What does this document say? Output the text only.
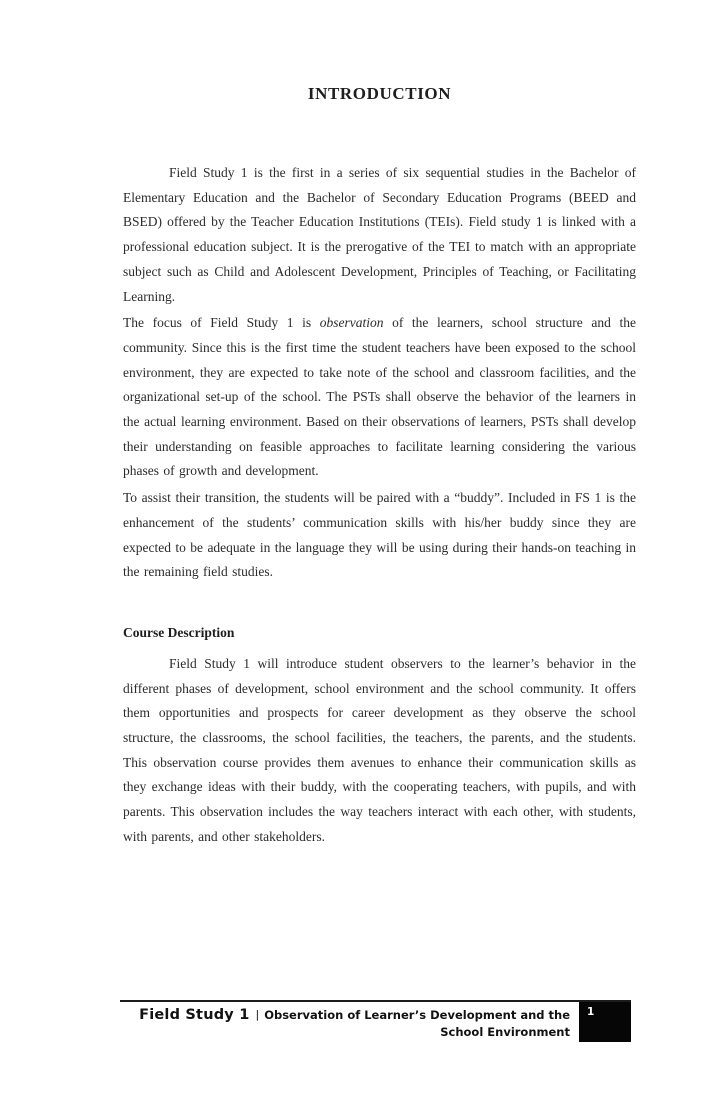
INTRODUCTION

Field Study 1 is the first in a series of six sequential studies in the Bachelor of Elementary Education and the Bachelor of Secondary Education Programs (BEED and BSED) offered by the Teacher Education Institutions (TEIs). Field study 1 is linked with a professional education subject. It is the prerogative of the TEI to match with an appropriate subject such as Child and Adolescent Development, Principles of Teaching, or Facilitating Learning.

The focus of Field Study 1 is observation of the learners, school structure and the community. Since this is the first time the student teachers have been exposed to the school environment, they are expected to take note of the school and classroom facilities, and the organizational set-up of the school. The PSTs shall observe the behavior of the learners in the actual learning environment. Based on their observations of learners, PSTs shall develop their understanding on feasible approaches to facilitate learning considering the various phases of growth and development.

To assist their transition, the students will be paired with a “buddy”. Included in FS 1 is the enhancement of the students’ communication skills with his/her buddy since they are expected to be adequate in the language they will be using during their hands-on teaching in the remaining field studies.

Course Description

Field Study 1 will introduce student observers to the learner’s behavior in the different phases of development, school environment and the school community. It offers them opportunities and prospects for career development as they observe the school structure, the classrooms, the school facilities, the teachers, the parents, and the students. This observation course provides them avenues to enhance their communication skills as they exchange ideas with their buddy, with the cooperating teachers, with pupils, and with parents. This observation includes the way teachers interact with each other, with students, with parents, and other stakeholders.

Field Study 1 | Observation of Learner’s Development and the
School Environment
1
